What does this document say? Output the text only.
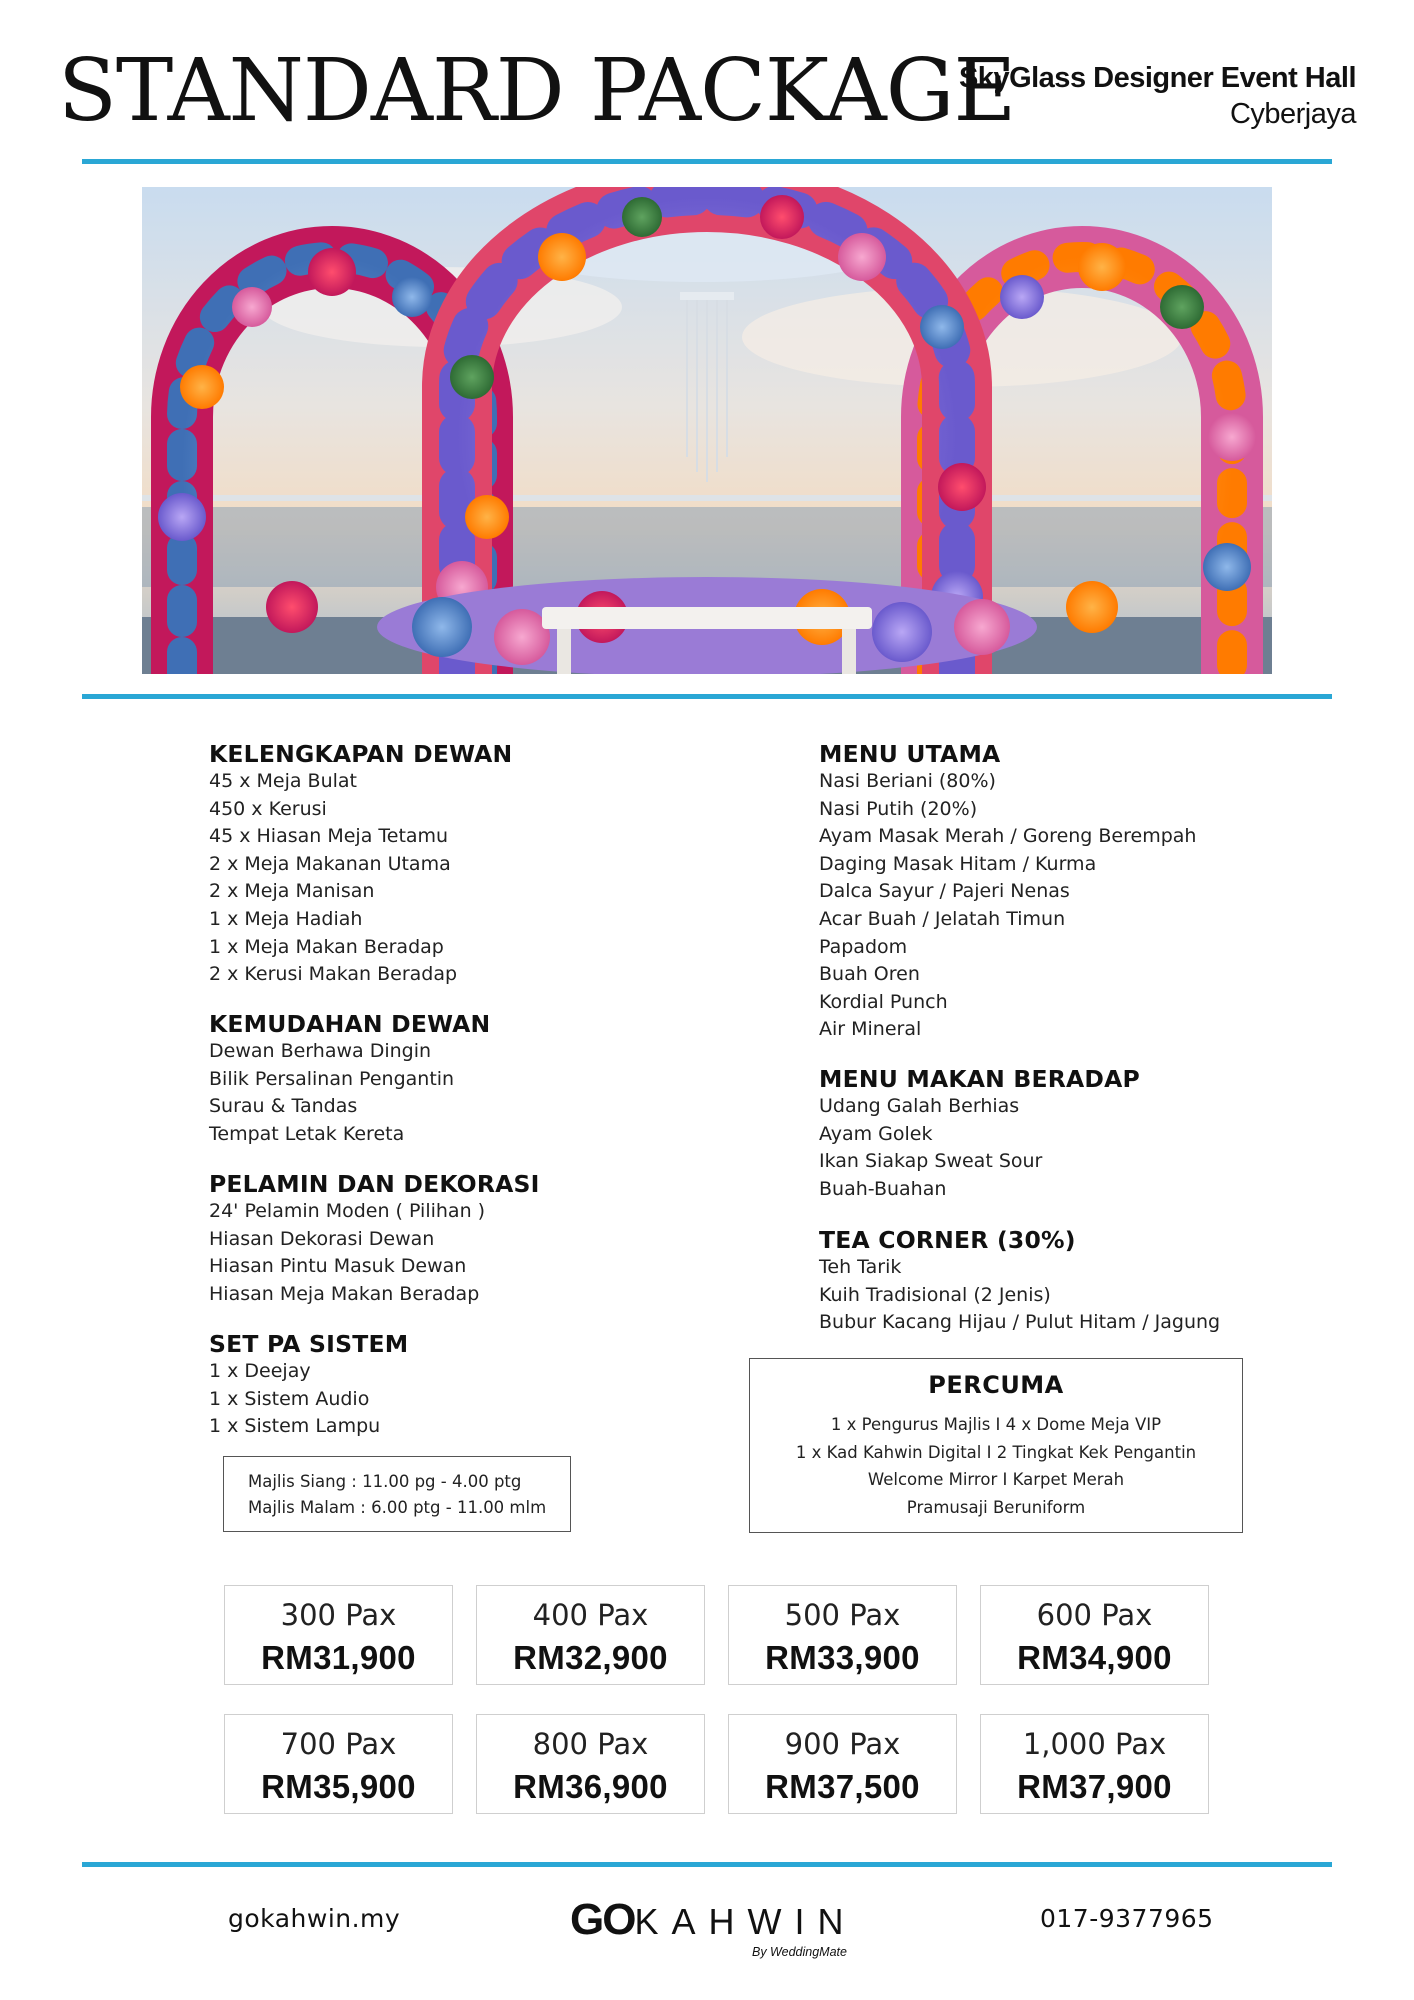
STANDARD PACKAGE
SkyGlass Designer Event Hall
Cyberjaya
KELENGKAPAN DEWAN
45 x Meja Bulat
450 x Kerusi
45 x Hiasan Meja Tetamu
2 x Meja Makanan Utama
2 x Meja Manisan
1 x Meja Hadiah
1 x Meja Makan Beradap
2 x Kerusi Makan Beradap
KEMUDAHAN DEWAN
Dewan Berhawa Dingin
Bilik Persalinan Pengantin
Surau & Tandas
Tempat Letak Kereta
PELAMIN DAN DEKORASI
24' Pelamin Moden ( Pilihan )
Hiasan Dekorasi Dewan
Hiasan Pintu Masuk Dewan
Hiasan Meja Makan Beradap
SET PA SISTEM
1 x Deejay
1 x Sistem Audio
1 x Sistem Lampu
MENU UTAMA
Nasi Beriani (80%)
Nasi Putih (20%)
Ayam Masak Merah / Goreng Berempah
Daging Masak Hitam / Kurma
Dalca Sayur / Pajeri Nenas
Acar Buah / Jelatah Timun
Papadom
Buah Oren
Kordial Punch
Air Mineral
MENU MAKAN BERADAP
Udang Galah Berhias
Ayam Golek
Ikan Siakap Sweat Sour
Buah-Buahan
TEA CORNER (30%)
Teh Tarik
Kuih Tradisional (2 Jenis)
Bubur Kacang Hijau / Pulut Hitam / Jagung
Majlis Siang : 11.00 pg - 4.00 ptg
Majlis Malam : 6.00 ptg - 11.00 mlm
PERCUMA
1 x Pengurus Majlis I 4 x Dome Meja VIP
1 x Kad Kahwin Digital I 2 Tingkat Kek Pengantin
Welcome Mirror I Karpet Merah
Pramusaji Beruniform
300 Pax
RM31,900
400 Pax
RM32,900
500 Pax
RM33,900
600 Pax
RM34,900
700 Pax
RM35,900
800 Pax
RM36,900
900 Pax
RM37,500
1,000 Pax
RM37,900
gokahwin.my	GOKAHWIN
By WeddingMate
017-9377965
